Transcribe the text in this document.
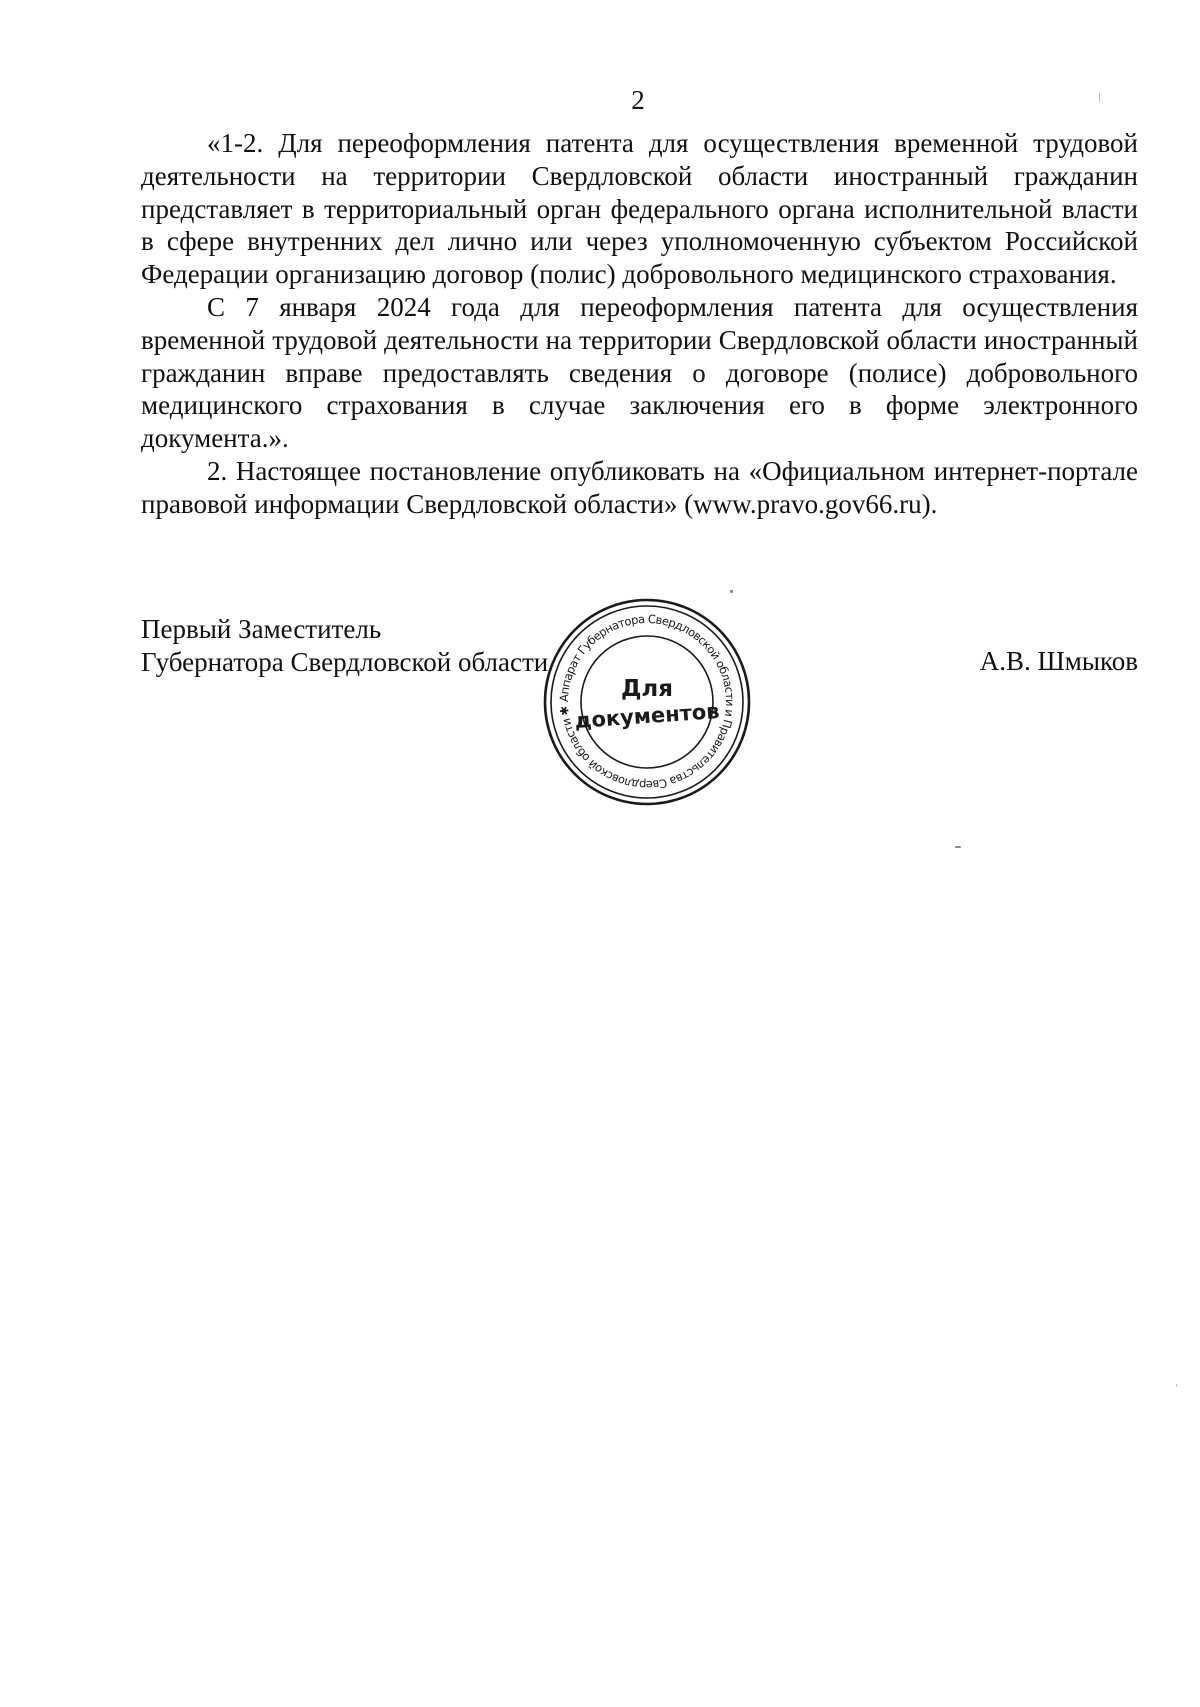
2

«1-2. Для переоформления патента для осуществления временной трудовой деятельности на территории Свердловской области иностранный гражданин представляет в территориальный орган федерального органа исполнительной власти в сфере внутренних дел лично или через уполномоченную субъектом Российской Федерации организацию договор (полис) добровольного медицинского страхования.

С 7 января 2024 года для переоформления патента для осуществления временной трудовой деятельности на территории Свердловской области иностранный гражданин вправе предоставлять сведения о договоре (полисе) добровольного медицинского страхования в случае заключения его в форме электронного документа.».

2. Настоящее постановление опубликовать на «Официальном интернет-портале правовой информации Свердловской области» (www.pravo.gov66.ru).

Первый Заместитель
Губернатора Свердловской области	А.В. Шмыков
Аппарат Губернатора Свердловской области и Правительства Свердловской области ✱
Для
документов
